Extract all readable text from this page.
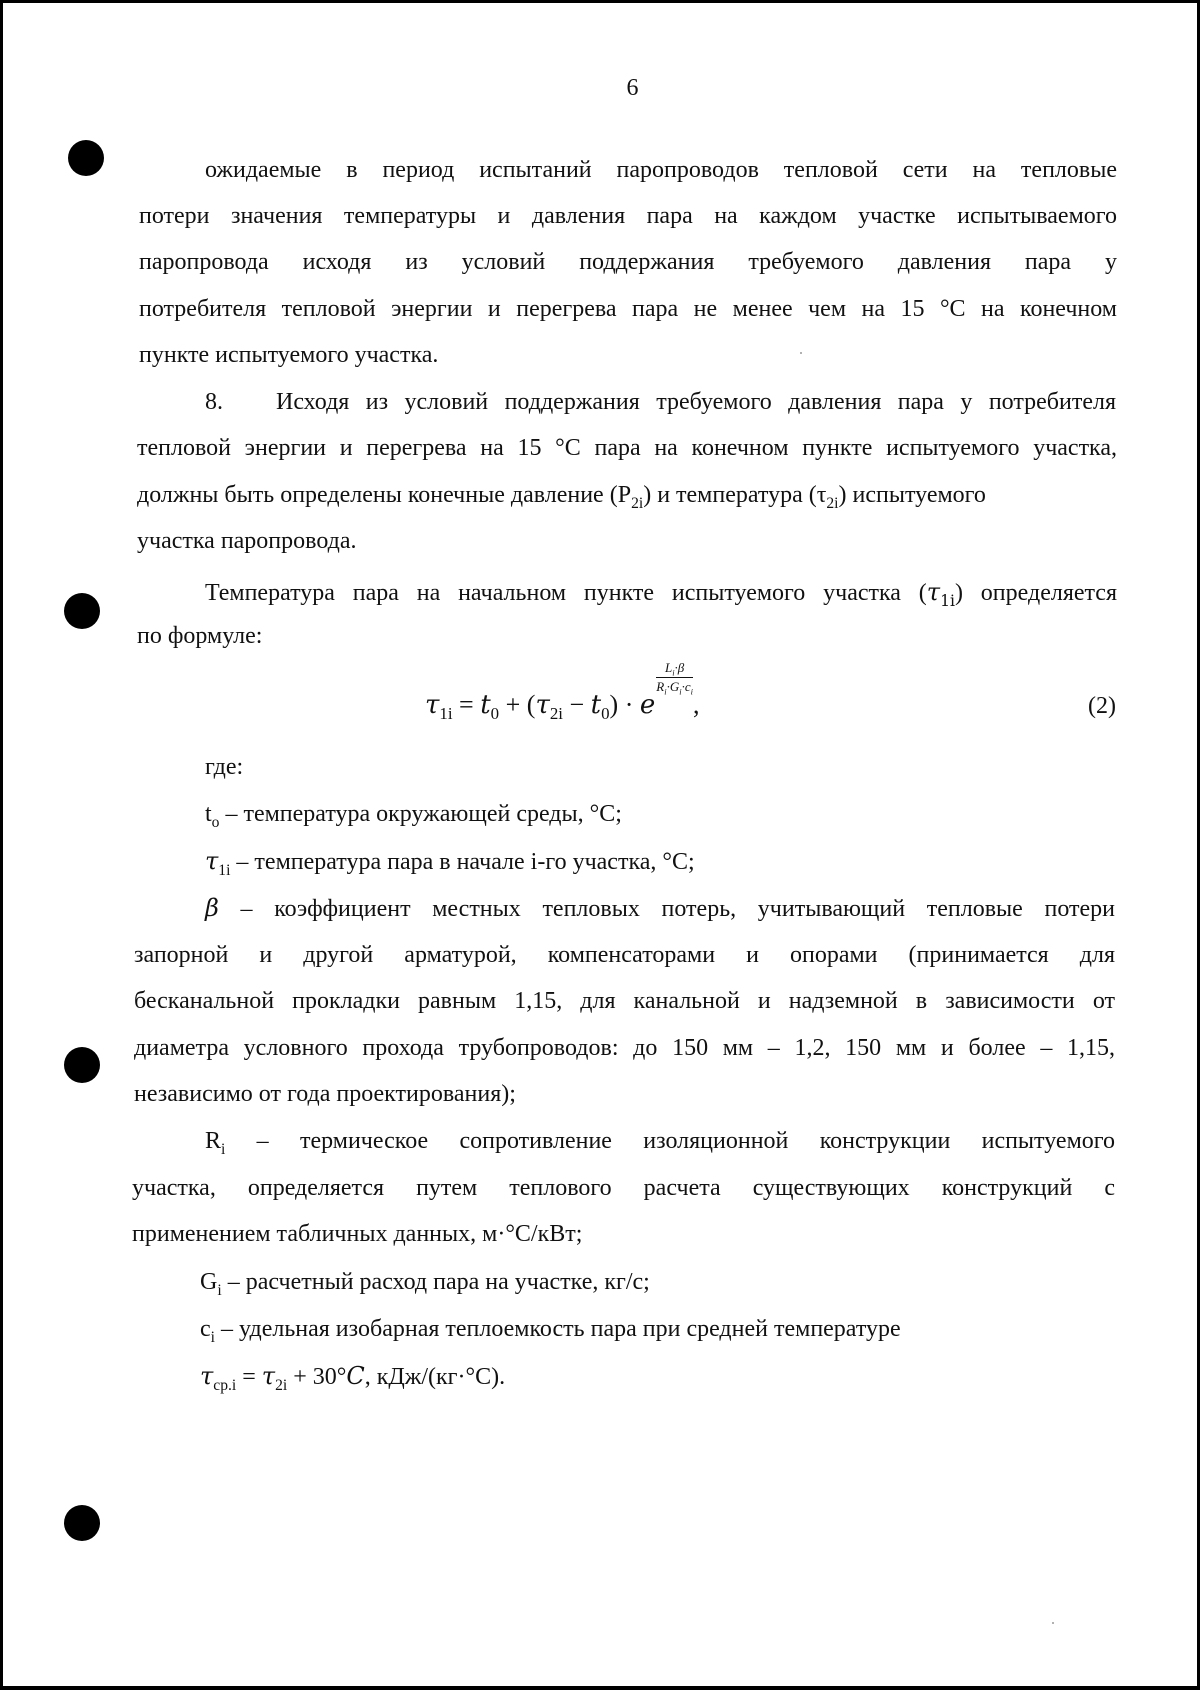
6
ожидаемые в период испытаний паропроводов тепловой сети на тепловые
потери значения температуры и давления пара на каждом участке испытываемого
паропровода исходя из условий поддержания требуемого давления пара у
потребителя тепловой энергии и перегрева пара не менее чем на 15 °С на конечном
пункте испытуемого участка.
8. Исходя из условий поддержания требуемого давления пара у потребителя
тепловой энергии и перегрева на 15 °С пара на конечном пункте испытуемого участка,
должны быть определены конечные давление $(P_{2i})$ и температура $(\tau_{2i})$ испытуемого
участка паропровода.
Температура пара на начальном пункте испытуемого участка $(\tau_{1i})$ определяется
по формуле:
$\tau_{1i} = t_0 + (\tau_{2i} - t_0) \cdot e$
$\frac{L_i\cdot\beta}{R_i\cdot G_i\cdot c_i}$
,	(2)
где:
$t_о$ – температура окружающей среды, °С;
$\tau_{1i}$ – температура пара в начале i-го участка, °С;
β – коэффициент местных тепловых потерь, учитывающий тепловые потери
запорной и другой арматурой, компенсаторами и опорами (принимается для
бесканальной прокладки равным 1,15, для канальной и надземной в зависимости от
диаметра условного прохода трубопроводов: до 150 мм – 1,2, 150 мм и более – 1,15,
независимо от года проектирования);
$R_i$ – термическое сопротивление изоляционной конструкции испытуемого
участка, определяется путем теплового расчета существующих конструкций с
применением табличных данных, м·°С/кВт;
$G_i$ – расчетный расход пара на участке, кг/с;
$c_i$ – удельная изобарная теплоемкость пара при средней температуре
$\tau_{ср.i} = \tau_{2i} + 30^\circ C$, кДж/(кг·°С).
